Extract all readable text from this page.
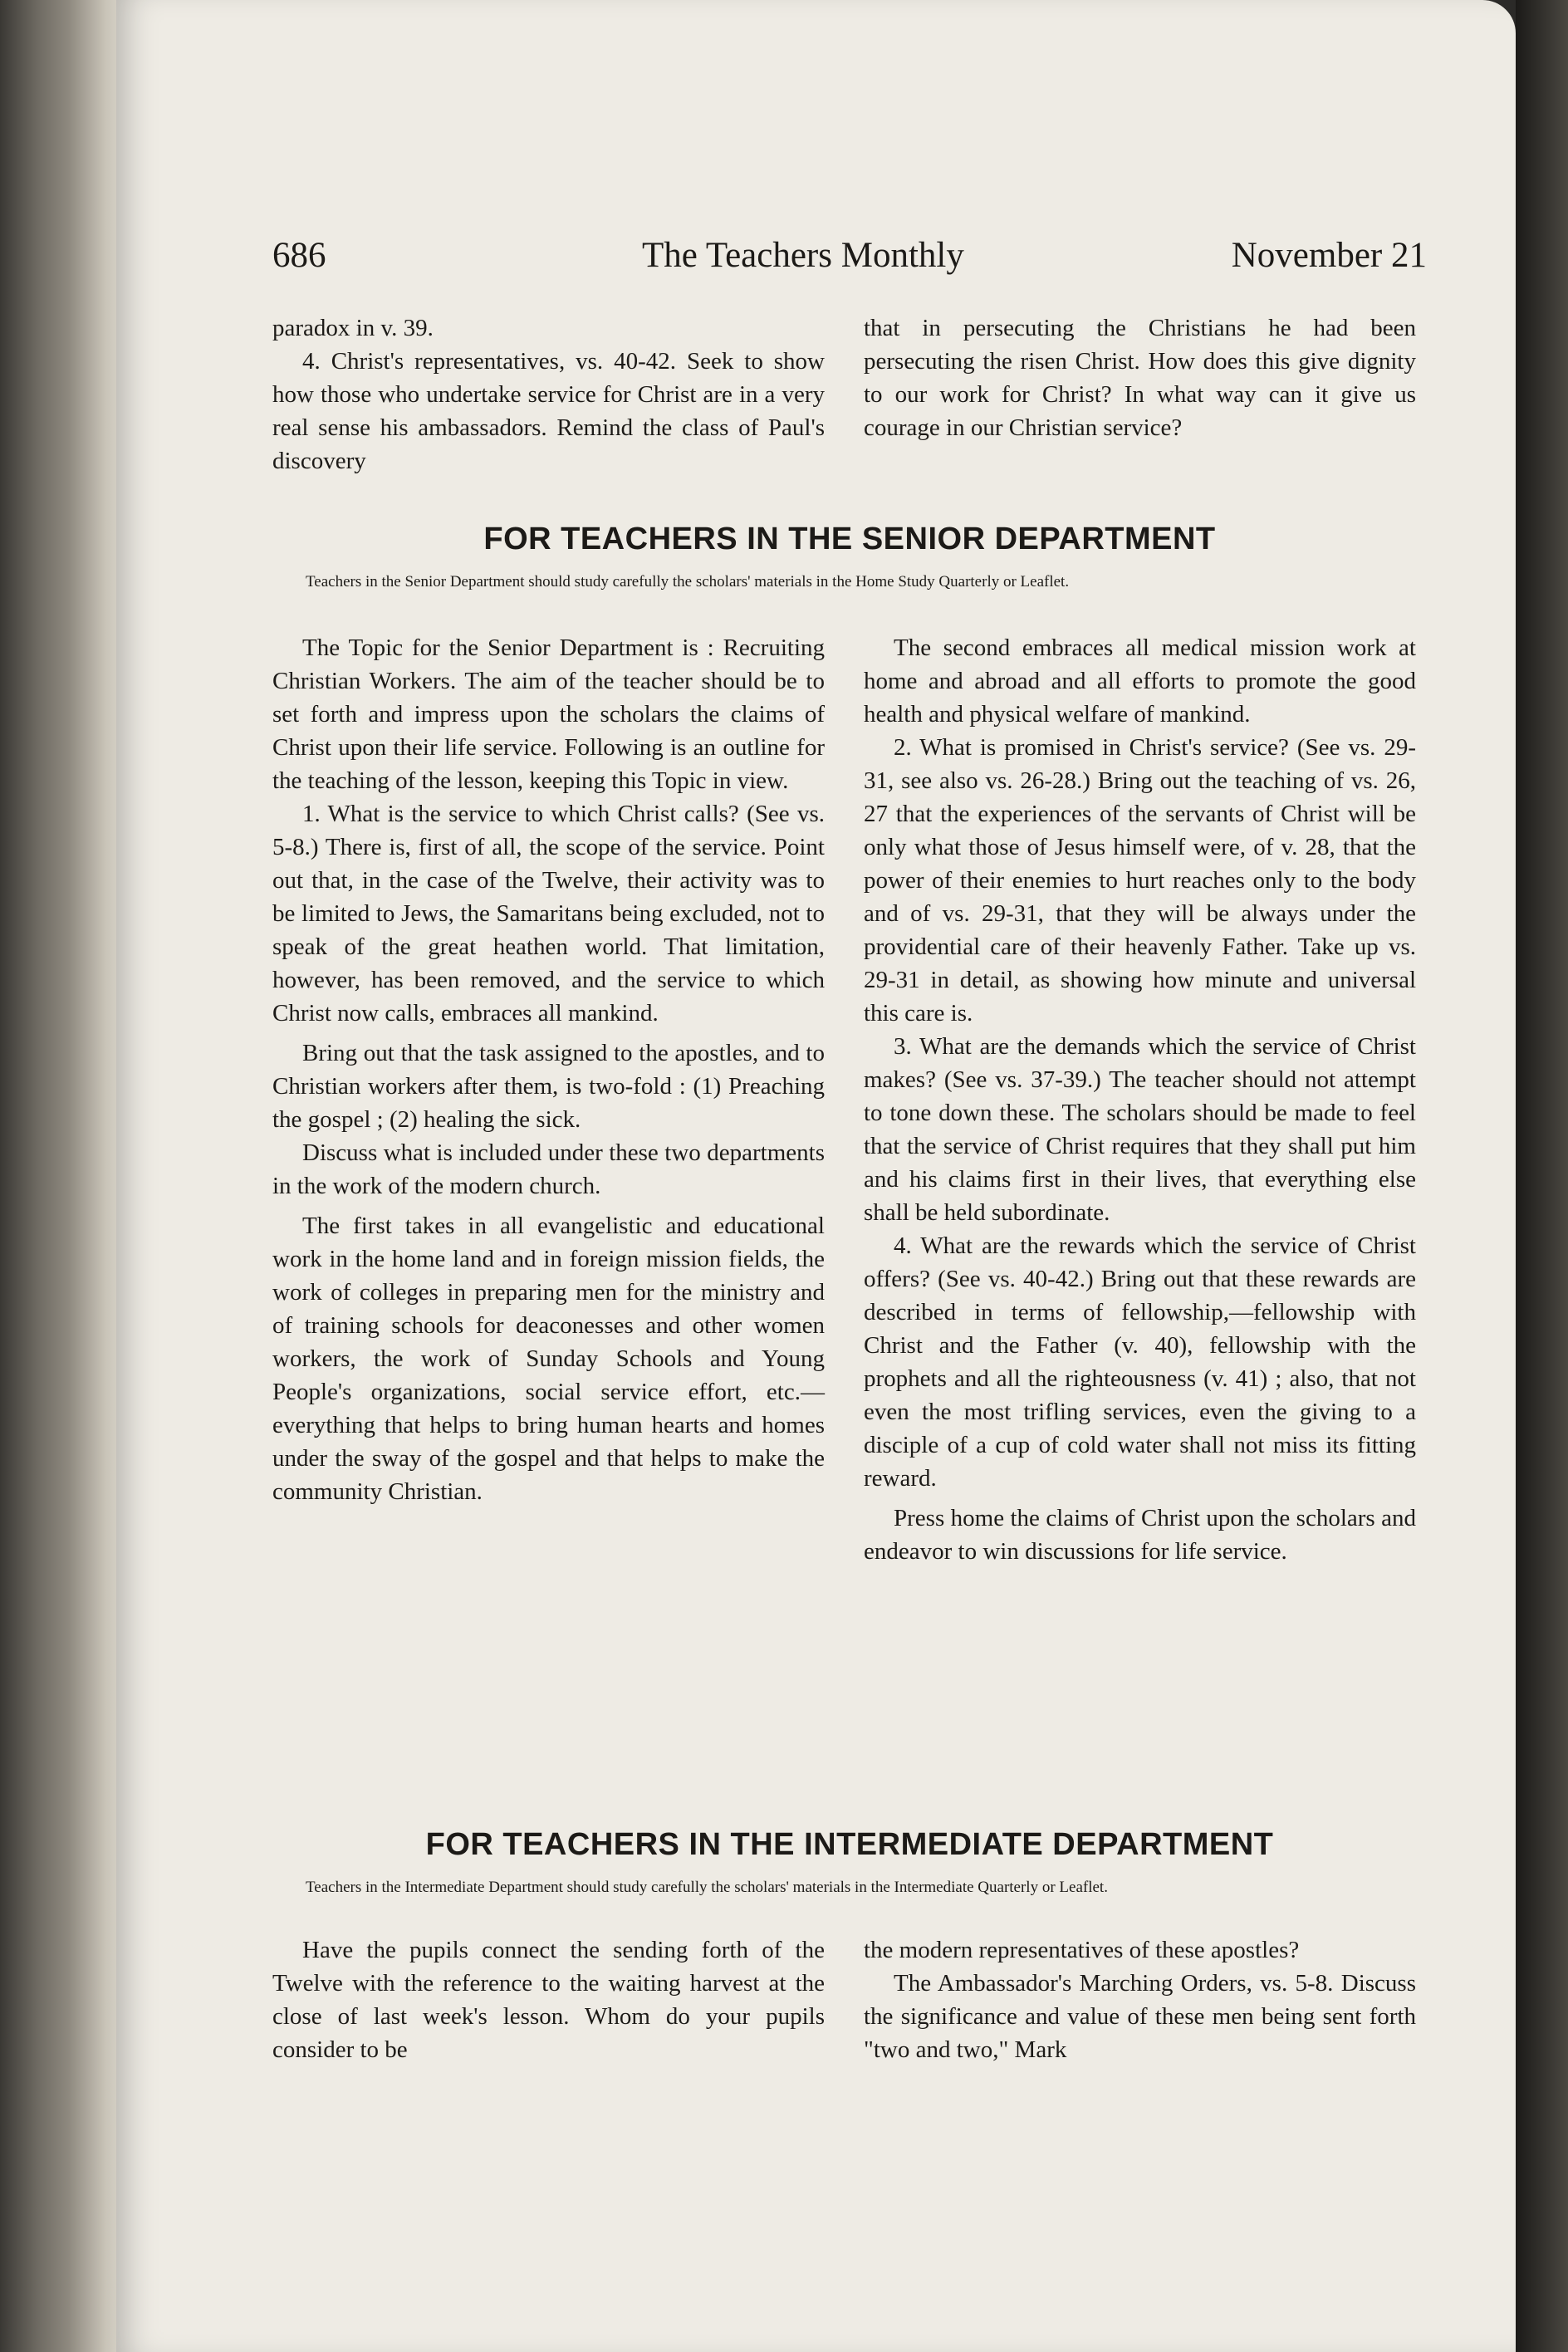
686	The Teachers Monthly	November 21

paradox in v. 39.

4. Christ's representatives, vs. 40-42. Seek to show how those who undertake service for Christ are in a very real sense his ambassadors. Remind the class of Paul's discovery

that in persecuting the Christians he had been persecuting the risen Christ. How does this give dignity to our work for Christ? In what way can it give us courage in our Christian service?

FOR TEACHERS IN THE SENIOR DEPARTMENT
Teachers in the Senior Department should study carefully the scholars' materials in the Home Study Quarterly or Leaflet.

The Topic for the Senior Department is : Recruiting Christian Workers. The aim of the teacher should be to set forth and impress upon the scholars the claims of Christ upon their life service. Following is an outline for the teaching of the lesson, keeping this Topic in view.

1. What is the service to which Christ calls? (See vs. 5-8.) There is, first of all, the scope of the service. Point out that, in the case of the Twelve, their activity was to be limited to Jews, the Samaritans being excluded, not to speak of the great heathen world. That limitation, however, has been removed, and the service to which Christ now calls, embraces all mankind.

Bring out that the task assigned to the apostles, and to Christian workers after them, is two-fold : (1) Preaching the gospel ; (2) healing the sick.

Discuss what is included under these two departments in the work of the modern church.

The first takes in all evangelistic and educational work in the home land and in foreign mission fields, the work of colleges in preparing men for the ministry and of training schools for deaconesses and other women workers, the work of Sunday Schools and Young People's organizations, social service effort, etc.—everything that helps to bring human hearts and homes under the sway of the gospel and that helps to make the community Christian.

The second embraces all medical mission work at home and abroad and all efforts to promote the good health and physical welfare of mankind.

2. What is promised in Christ's service? (See vs. 29-31, see also vs. 26-28.) Bring out the teaching of vs. 26, 27 that the experiences of the servants of Christ will be only what those of Jesus himself were, of v. 28, that the power of their enemies to hurt reaches only to the body and of vs. 29-31, that they will be always under the providential care of their heavenly Father. Take up vs. 29-31 in detail, as showing how minute and universal this care is.

3. What are the demands which the service of Christ makes? (See vs. 37-39.) The teacher should not attempt to tone down these. The scholars should be made to feel that the service of Christ requires that they shall put him and his claims first in their lives, that everything else shall be held subordinate.

4. What are the rewards which the service of Christ offers? (See vs. 40-42.) Bring out that these rewards are described in terms of fellowship,—fellowship with Christ and the Father (v. 40), fellowship with the prophets and all the righteousness (v. 41) ; also, that not even the most trifling services, even the giving to a disciple of a cup of cold water shall not miss its fitting reward.

Press home the claims of Christ upon the scholars and endeavor to win discussions for life service.

FOR TEACHERS IN THE INTERMEDIATE DEPARTMENT
Teachers in the Intermediate Department should study carefully the scholars' materials in the Intermediate Quarterly or Leaflet.

Have the pupils connect the sending forth of the Twelve with the reference to the waiting harvest at the close of last week's lesson. Whom do your pupils consider to be

the modern representatives of these apostles?

The Ambassador's Marching Orders, vs. 5-8. Discuss the significance and value of these men being sent forth "two and two," Mark
